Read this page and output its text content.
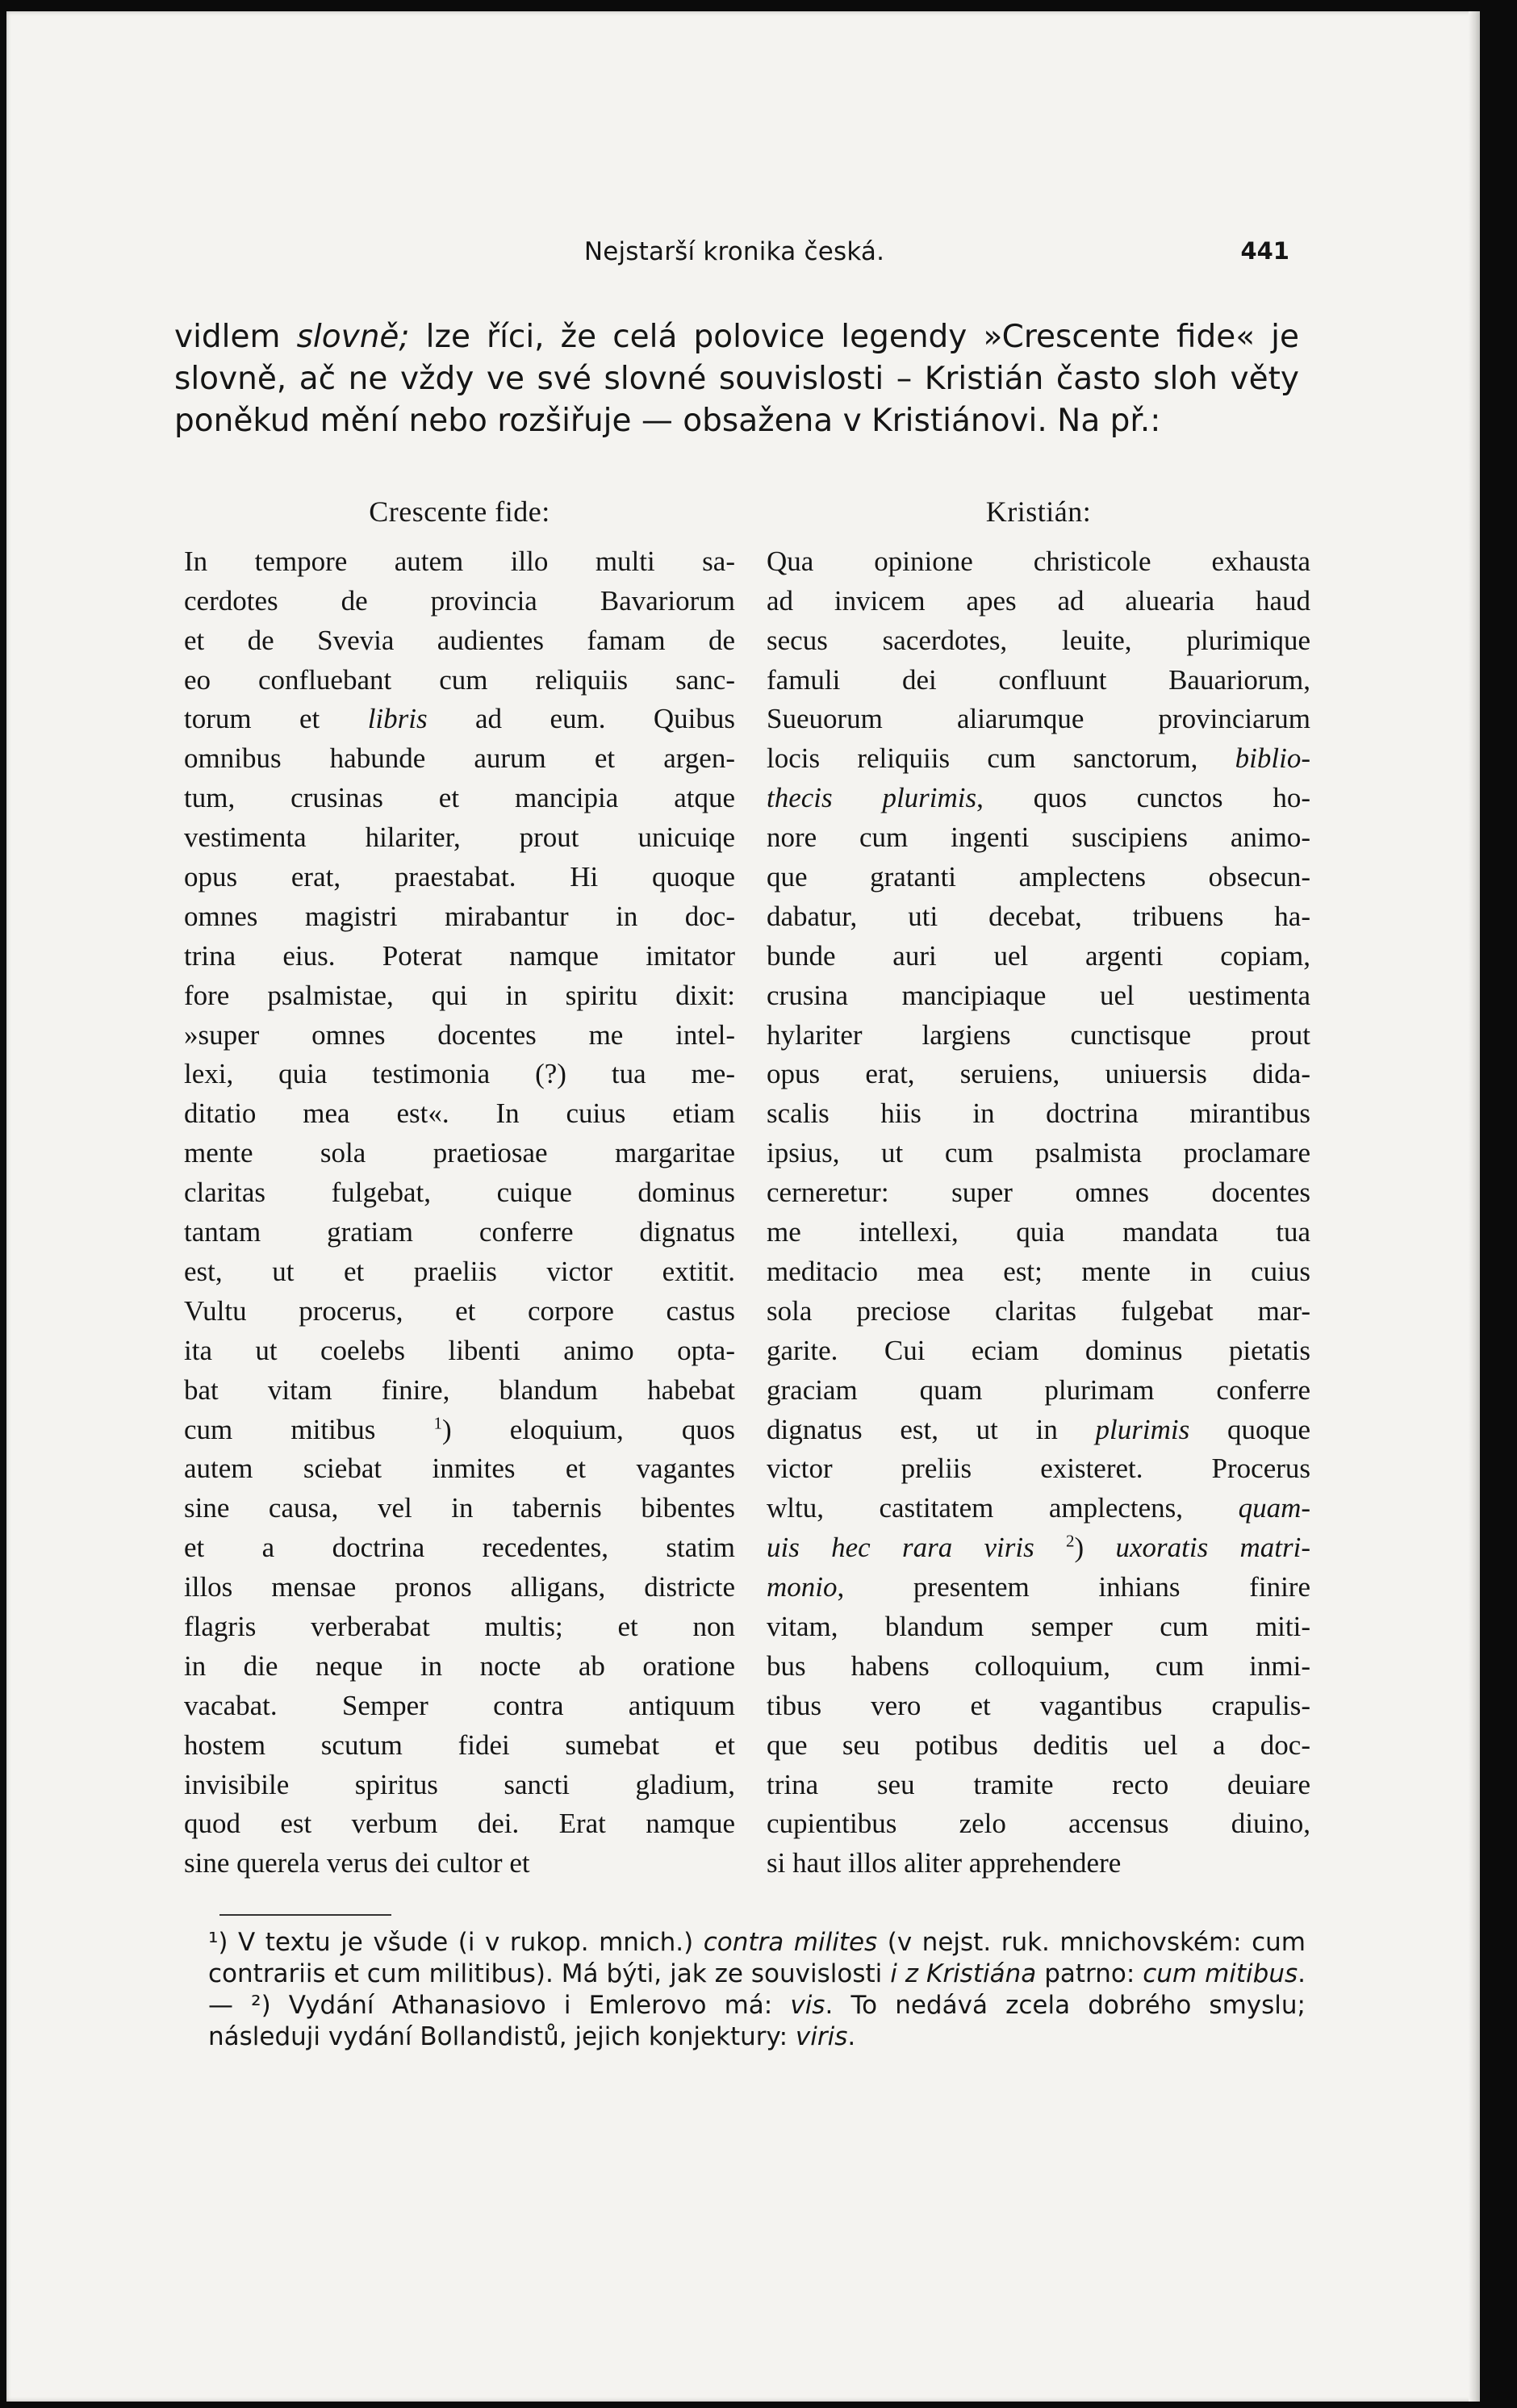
Nejstarší kronika česká.	441

vidlem slovně; lze říci, že celá polovice legendy »Crescente fide« je slovně, ač ne vždy ve své slovné souvislosti – Kristián často sloh věty poněkud mění nebo rozšiřuje — obsažena v Kristiánovi. Na př.:

Crescente fide:
In tempore autem illo multi sa-
cerdotes de provincia Bavariorum
et de Svevia audientes famam de
eo confluebant cum reliquiis sanc-
torum et libris ad eum. Quibus
omnibus habunde aurum et argen-
tum, crusinas et mancipia atque
vestimenta hilariter, prout unicuiqe
opus erat, praestabat. Hi quoque
omnes magistri mirabantur in doc-
trina eius. Poterat namque imitator
fore psalmistae, qui in spiritu dixit:
»super omnes docentes me intel-
lexi, quia testimonia (?) tua me-
ditatio mea est«. In cuius etiam
mente sola praetiosae margaritae
claritas fulgebat, cuique dominus
tantam gratiam conferre dignatus
est, ut et praeliis victor extitit.
Vultu procerus, et corpore castus
ita ut coelebs libenti animo opta-
bat vitam finire, blandum habebat
cum mitibus $^1$) eloquium, quos
autem sciebat inmites et vagantes
sine causa, vel in tabernis bibentes
et a doctrina recedentes, statim
illos mensae pronos alligans, districte
flagris verberabat multis; et non
in die neque in nocte ab oratione
vacabat. Semper contra antiquum
hostem scutum fidei sumebat et
invisibile spiritus sancti gladium,
quod est verbum dei. Erat namque
sine querela verus dei cultor et
Kristián:
Qua opinione christicole exhausta
ad invicem apes ad aluearia haud
secus sacerdotes, leuite, plurimique
famuli dei confluunt Bauariorum,
Sueuorum aliarumque provinciarum
locis reliquiis cum sanctorum, biblio-
thecis plurimis, quos cunctos ho-
nore cum ingenti suscipiens animo-
que gratanti amplectens obsecun-
dabatur, uti decebat, tribuens ha-
bunde auri uel argenti copiam,
crusina mancipiaque uel uestimenta
hylariter largiens cunctisque prout
opus erat, seruiens, uniuersis dida-
scalis hiis in doctrina mirantibus
ipsius, ut cum psalmista proclamare
cerneretur: super omnes docentes
me intellexi, quia mandata tua
meditacio mea est; mente in cuius
sola preciose claritas fulgebat mar-
garite. Cui eciam dominus pietatis
graciam quam plurimam conferre
dignatus est, ut in plurimis quoque
victor preliis existeret. Procerus
wltu, castitatem amplectens, quam-
uis hec rara viris $^2$) uxoratis matri-
monio, presentem inhians finire
vitam, blandum semper cum miti-
bus habens colloquium, cum inmi-
tibus vero et vagantibus crapulis-
que seu potibus deditis uel a doc-
trina seu tramite recto deuiare
cupientibus zelo accensus diuino,
si haut illos aliter apprehendere

¹) V textu je všude (i v rukop. mnich.) contra milites (v nejst. ruk. mnichovském: cum contrariis et cum militibus). Má býti, jak ze souvislosti i z Kristiána patrno: cum mitibus. — ²) Vydání Athanasiovo i Emlerovo má: vis. To nedává zcela dobrého smyslu; následuji vydání Bollandistů, jejich konjektury: viris.
